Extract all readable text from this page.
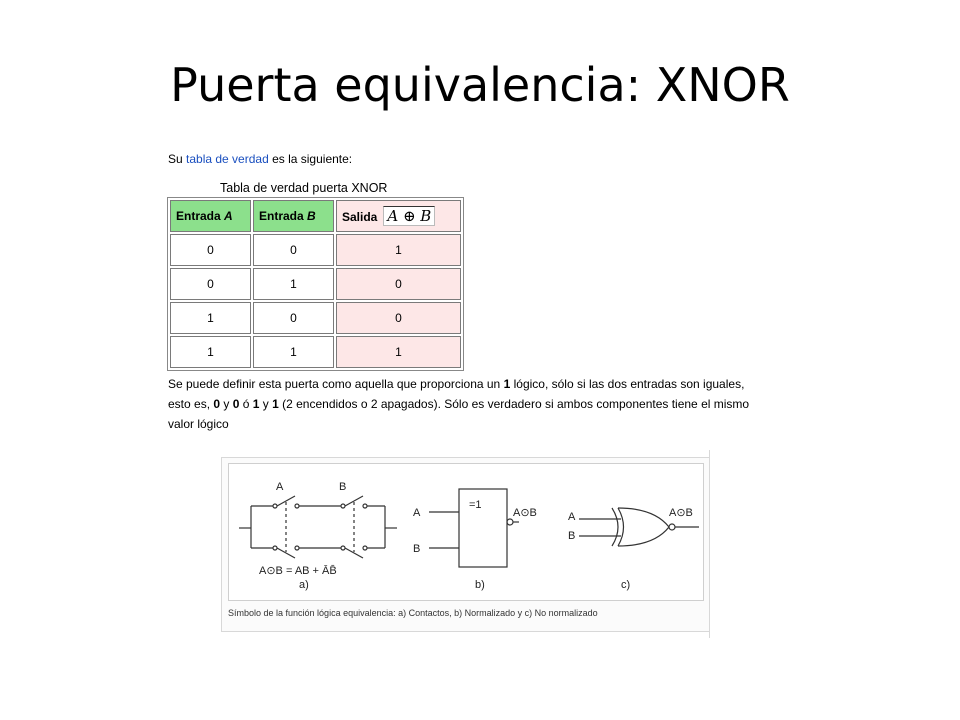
Puerta equivalencia: XNOR
Su tabla de verdad es la siguiente:
Tabla de verdad puerta XNOR
Entrada A	Entrada B	Salida A ⊕ B
0	0	1
0	1	0
1	0	0
1	1	1
Se puede definir esta puerta como aquella que proporciona un 1 lógico, sólo si las dos entradas son iguales, esto es, 0 y 0 ó 1 y 1 (2 encendidos o 2 apagados). Sólo es verdadero si ambos componentes tiene el mismo valor lógico
A	B
A⊙B = AB + ĀB̄
a)
A
B
=1
A⊙B
b)
A
B
A⊙B
c)
Símbolo de la función lógica equivalencia: a) Contactos, b) Normalizado y c) No normalizado
